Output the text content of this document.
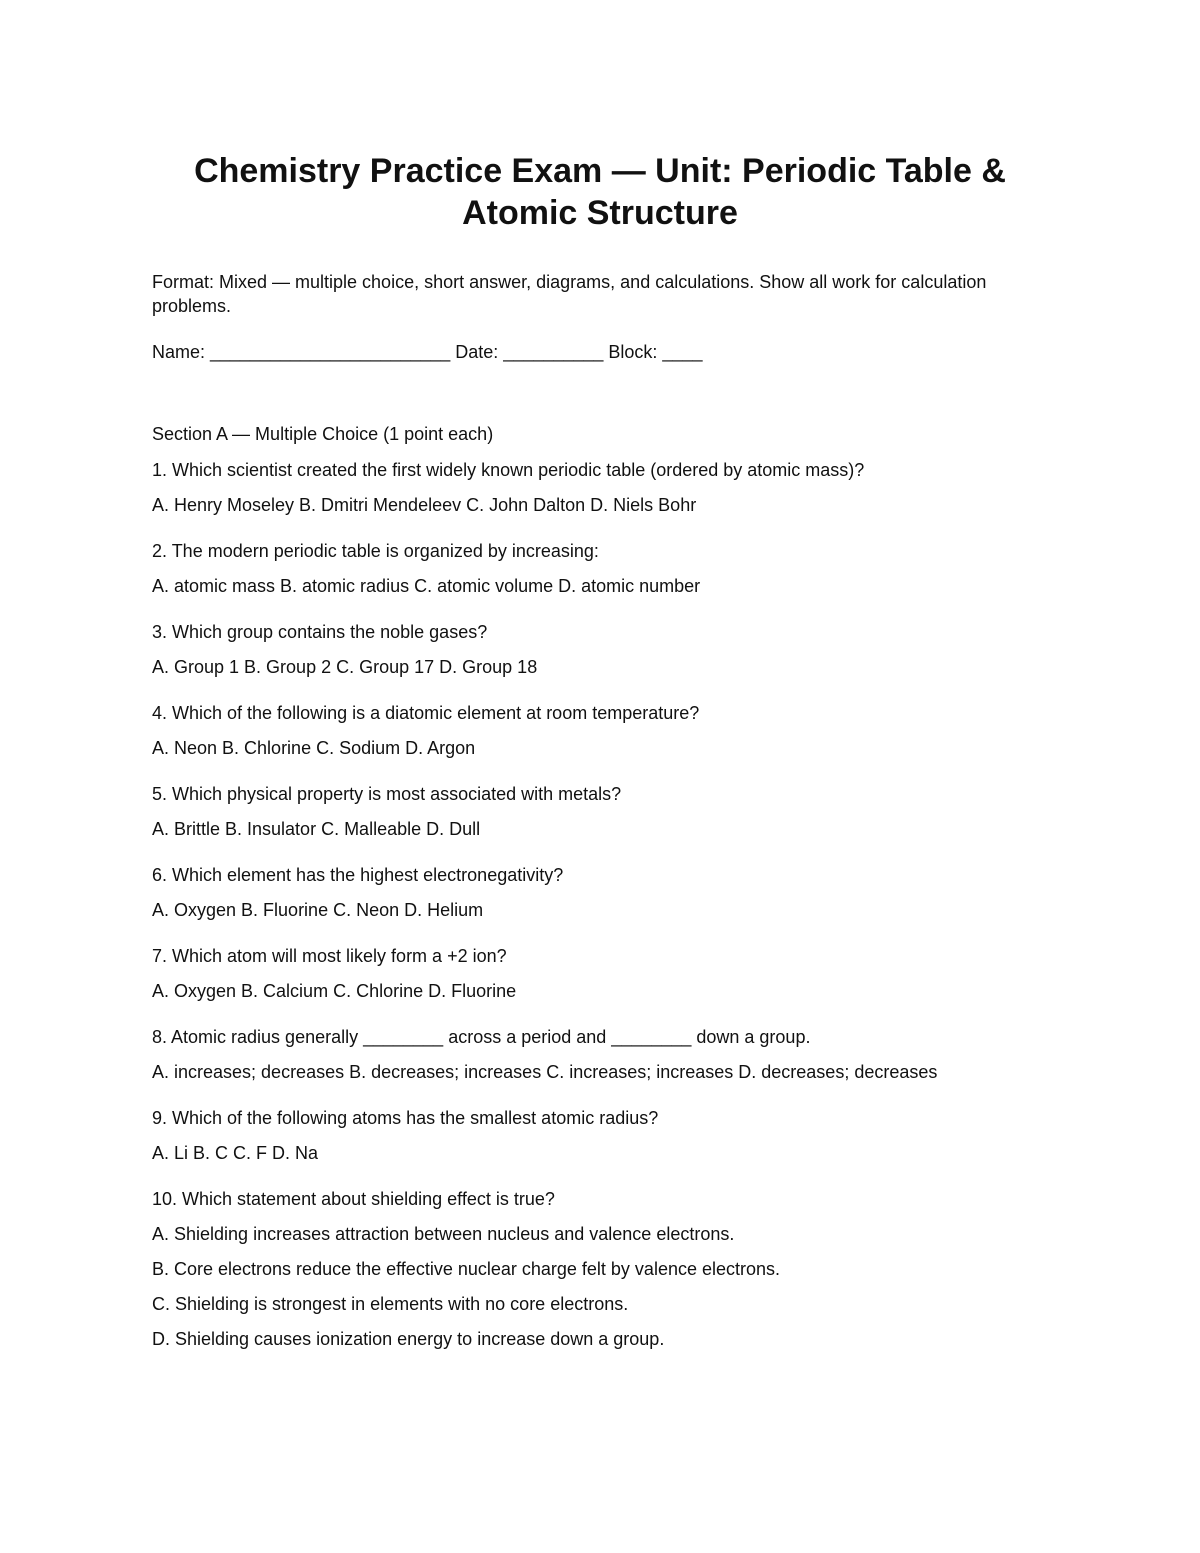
Chemistry Practice Exam — Unit: Periodic Table & Atomic Structure

Format: Mixed — multiple choice, short answer, diagrams, and calculations. Show all work for calculation problems.

Name: ________________________ Date: __________ Block: ____

Section A — Multiple Choice (1 point each)

1. Which scientist created the first widely known periodic table (ordered by atomic mass)?

A. Henry Moseley B. Dmitri Mendeleev C. John Dalton D. Niels Bohr

2. The modern periodic table is organized by increasing:

A. atomic mass B. atomic radius C. atomic volume D. atomic number

3. Which group contains the noble gases?

A. Group 1 B. Group 2 C. Group 17 D. Group 18

4. Which of the following is a diatomic element at room temperature?

A. Neon B. Chlorine C. Sodium D. Argon

5. Which physical property is most associated with metals?

A. Brittle B. Insulator C. Malleable D. Dull

6. Which element has the highest electronegativity?

A. Oxygen B. Fluorine C. Neon D. Helium

7. Which atom will most likely form a +2 ion?

A. Oxygen B. Calcium C. Chlorine D. Fluorine

8. Atomic radius generally ________ across a period and ________ down a group.

A. increases; decreases B. decreases; increases C. increases; increases D. decreases; decreases

9. Which of the following atoms has the smallest atomic radius?

A. Li B. C C. F D. Na

10. Which statement about shielding effect is true?

A. Shielding increases attraction between nucleus and valence electrons.

B. Core electrons reduce the effective nuclear charge felt by valence electrons.

C. Shielding is strongest in elements with no core electrons.

D. Shielding causes ionization energy to increase down a group.
